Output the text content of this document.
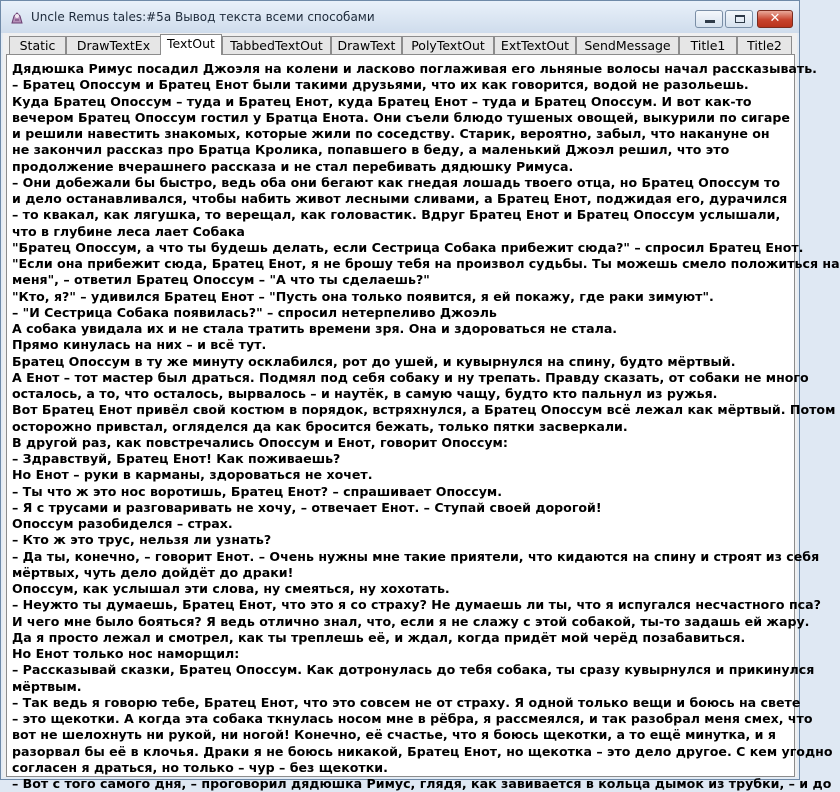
Uncle Remus tales:#5a Вывод текста всеми способами	✕
Static	DrawTextEx	TextOut	TabbedTextOut	DrawText	PolyTextOut	ExtTextOut	SendMessage	Title1	Title2
Дядюшка Римус посадил Джоэля на колени и ласково поглаживая его льняные волосы начал рассказывать.
– Братец Опоссум и Братец Енот были такими друзьями, что их как говорится, водой не разольешь.
Куда Братец Опоссум – туда и Братец Енот, куда Братец Енот – туда и Братец Опоссум. И вот как-то
вечером Братец Опоссум гостил у Братца Енота. Они съели блюдо тушеных овощей, выкурили по сигаре
и решили навестить знакомых, которые жили по соседству. Старик, вероятно, забыл, что накануне он
не закончил рассказ про Братца Кролика, попавшего в беду, а маленький Джоэл решил, что это
продолжение вчерашнего рассказа и не стал перебивать дядюшку Римуса.
– Они добежали бы быстро, ведь оба они бегают как гнедая лошадь твоего отца, но Братец Опоссум то
и дело останавливался, чтобы набить живот лесными сливами, а Братец Енот, поджидая его, дурачился
– то квакал, как лягушка, то верещал, как головастик. Вдруг Братец Енот и Братец Опоссум услышали,
что в глубине леса лает Собака
"Братец Опоссум, а что ты будешь делать, если Сестрица Собака прибежит сюда?" – спросил Братец Енот.
"Если она прибежит сюда, Братец Енот, я не брошу тебя на произвол судьбы. Ты можешь смело положиться на
меня", – ответил Братец Опоссум – "А что ты сделаешь?"
"Кто, я?" – удивился Братец Енот – "Пусть она только появится, я ей покажу, где раки зимуют".
– "И Сестрица Собака появилась?" – спросил нетерпеливо Джоэль
А собака увидала их и не стала тратить времени зря. Она и здороваться не стала.
Прямо кинулась на них – и всё тут.
Братец Опоссум в ту же минуту осклабился, рот до ушей, и кувырнулся на спину, будто мёртвый.
А Енот – тот мастер был драться. Подмял под себя собаку и ну трепать. Правду сказать, от собаки не много
осталось, а то, что осталось, вырвалось – и наутёк, в самую чащу, будто кто пальнул из ружья.
Вот Братец Енот привёл свой костюм в порядок, встряхнулся, а Братец Опоссум всё лежал как мёртвый. Потом
осторожно привстал, огляделся да как бросится бежать, только пятки засверкали.
В другой раз, как повстречались Опоссум и Енот, говорит Опоссум:
– Здравствуй, Братец Енот! Как поживаешь?
Но Енот – руки в карманы, здороваться не хочет.
– Ты что ж это нос воротишь, Братец Енот? – спрашивает Опоссум.
– Я с трусами и разговаривать не хочу, – отвечает Енот. – Ступай своей дорогой!
Опоссум разобиделся – страх.
– Кто ж это трус, нельзя ли узнать?
– Да ты, конечно, – говорит Енот. – Очень нужны мне такие приятели, что кидаются на спину и строят из себя
мёртвых, чуть дело дойдёт до драки!
Опоссум, как услышал эти слова, ну смеяться, ну хохотать.
– Неужто ты думаешь, Братец Енот, что это я со страху? Не думаешь ли ты, что я испугался несчастного пса?
И чего мне было бояться? Я ведь отлично знал, что, если я не слажу с этой собакой, ты-то задашь ей жару.
Да я просто лежал и смотрел, как ты треплешь её, и ждал, когда придёт мой черёд позабавиться.
Но Енот только нос наморщил:
– Рассказывай сказки, Братец Опоссум. Как дотронулась до тебя собака, ты сразу кувырнулся и прикинулся
мёртвым.
– Так ведь я говорю тебе, Братец Енот, что это совсем не от страху. Я одной только вещи и боюсь на свете
– это щекотки. А когда эта собака ткнулась носом мне в рёбра, я рассмеялся, и так разобрал меня смех, что
вот не шелохнуть ни рукой, ни ногой! Конечно, её счастье, что я боюсь щекотки, а то ещё минутка, и я
разорвал бы её в клочья. Драки я не боюсь никакой, Братец Енот, но щекотка – это дело другое. С кем угодно
согласен я драться, но только – чур – без щекотки.
– Вот с того самого дня, – проговорил дядюшка Римус, глядя, как завивается в кольца дымок из трубки, – и до
